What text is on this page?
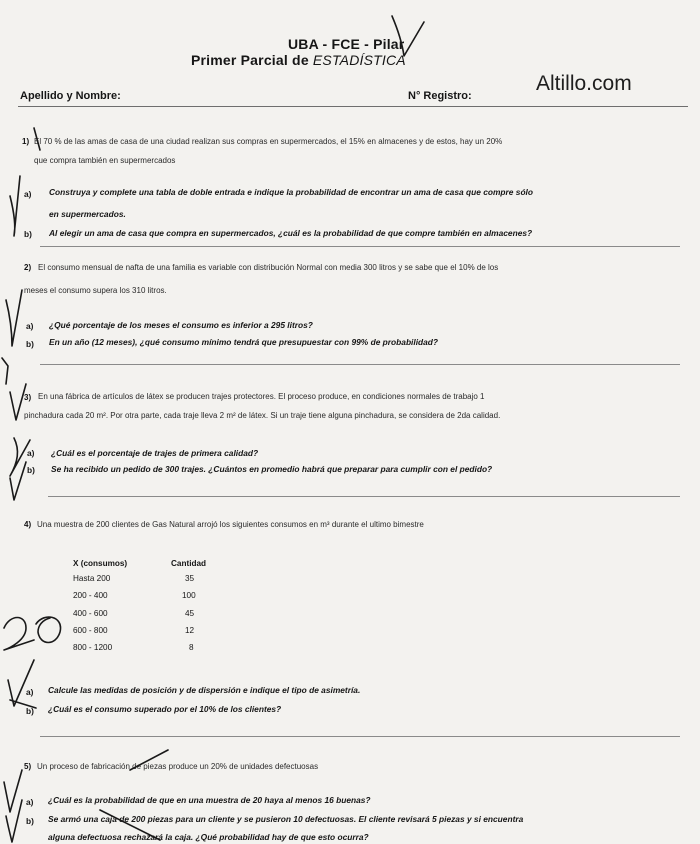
UBA - FCE - Pilar
Primer Parcial de ESTADÍSTICA
Altillo.com
Apellido y Nombre:	N° Registro:
1) El 70 % de las amas de casa de una ciudad realizan sus compras en supermercados, el 15% en almacenes y de estos, hay un 20%
que compra también en supermercados
a) Construya y complete una tabla de doble entrada e indique la probabilidad de encontrar un ama de casa que compre sólo
en supermercados.
b) Al elegir un ama de casa que compra en supermercados, ¿cuál es la probabilidad de que compre también en almacenes?
2) El consumo mensual de nafta de una familia es variable con distribución Normal con media 300 litros y se sabe que el 10% de los
meses el consumo supera los 310 litros.
a) ¿Qué porcentaje de los meses el consumo es inferior a 295 litros?
b) En un año (12 meses), ¿qué consumo mínimo tendrá que presupuestar con 99% de probabilidad?
3) En una fábrica de artículos de látex se producen trajes protectores. El proceso produce, en condiciones normales de trabajo 1
pinchadura cada 20 m². Por otra parte, cada traje lleva 2 m² de látex. Si un traje tiene alguna pinchadura, se considera de 2da calidad.
a) ¿Cuál es el porcentaje de trajes de primera calidad?
b) Se ha recibido un pedido de 300 trajes. ¿Cuántos en promedio habrá que preparar para cumplir con el pedido?
4) Una muestra de 200 clientes de Gas Natural arrojó los siguientes consumos en m³ durante el ultimo bimestre
X (consumos)	Cantidad
Hasta 200	35
200 - 400	100
400 - 600	45
600 - 800	12
800 - 1200	8
a) Calcule las medidas de posición y de dispersión e indique el tipo de asimetría.
b) ¿Cuál es el consumo superado por el 10% de los clientes?
5) Un proceso de fabricación de piezas produce un 20% de unidades defectuosas
a) ¿Cuál es la probabilidad de que en una muestra de 20 haya al menos 16 buenas?
b) Se armó una caja de 200 piezas para un cliente y se pusieron 10 defectuosas. El cliente revisará 5 piezas y si encuentra
alguna defectuosa rechazará la caja. ¿Qué probabilidad hay de que esto ocurra?
